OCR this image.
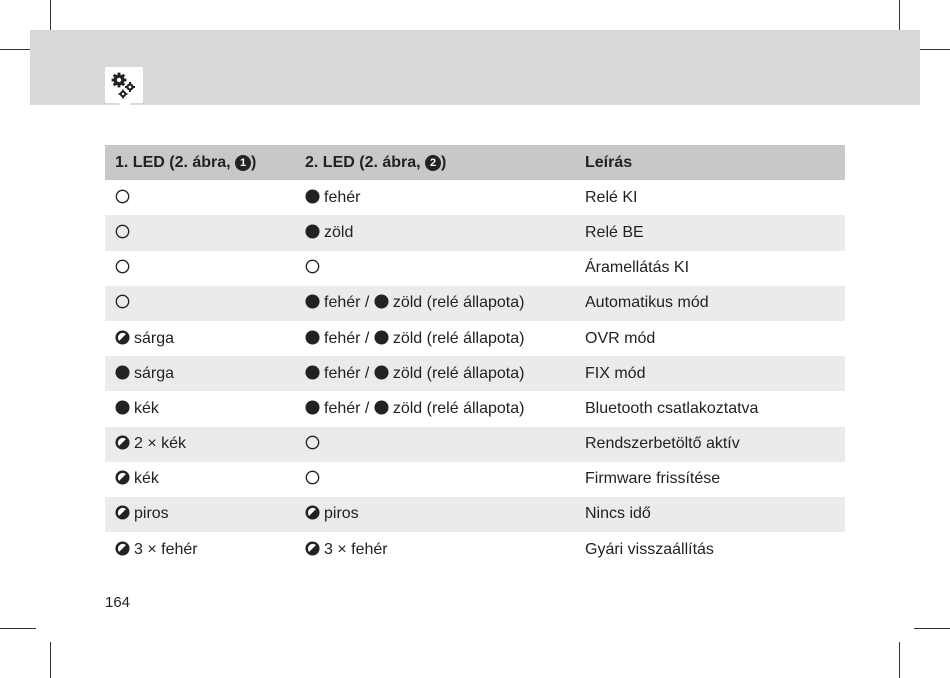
1. LED (2. ábra, 1 )	2. LED (2. ábra, 2 )	Leírás
	fehér	Relé KI
	zöld	Relé BE
		Áramellátás KI
	fehér / zöld (relé állapota)	Automatikus mód
sárga	fehér / zöld (relé állapota)	OVR mód
sárga	fehér / zöld (relé állapota)	FIX mód
kék	fehér / zöld (relé állapota)	Bluetooth csatlakoztatva
2 × kék		Rendszerbetöltő aktív
kék		Firmware frissítése
piros	piros	Nincs idő
3 × fehér	3 × fehér	Gyári visszaállítás
164
